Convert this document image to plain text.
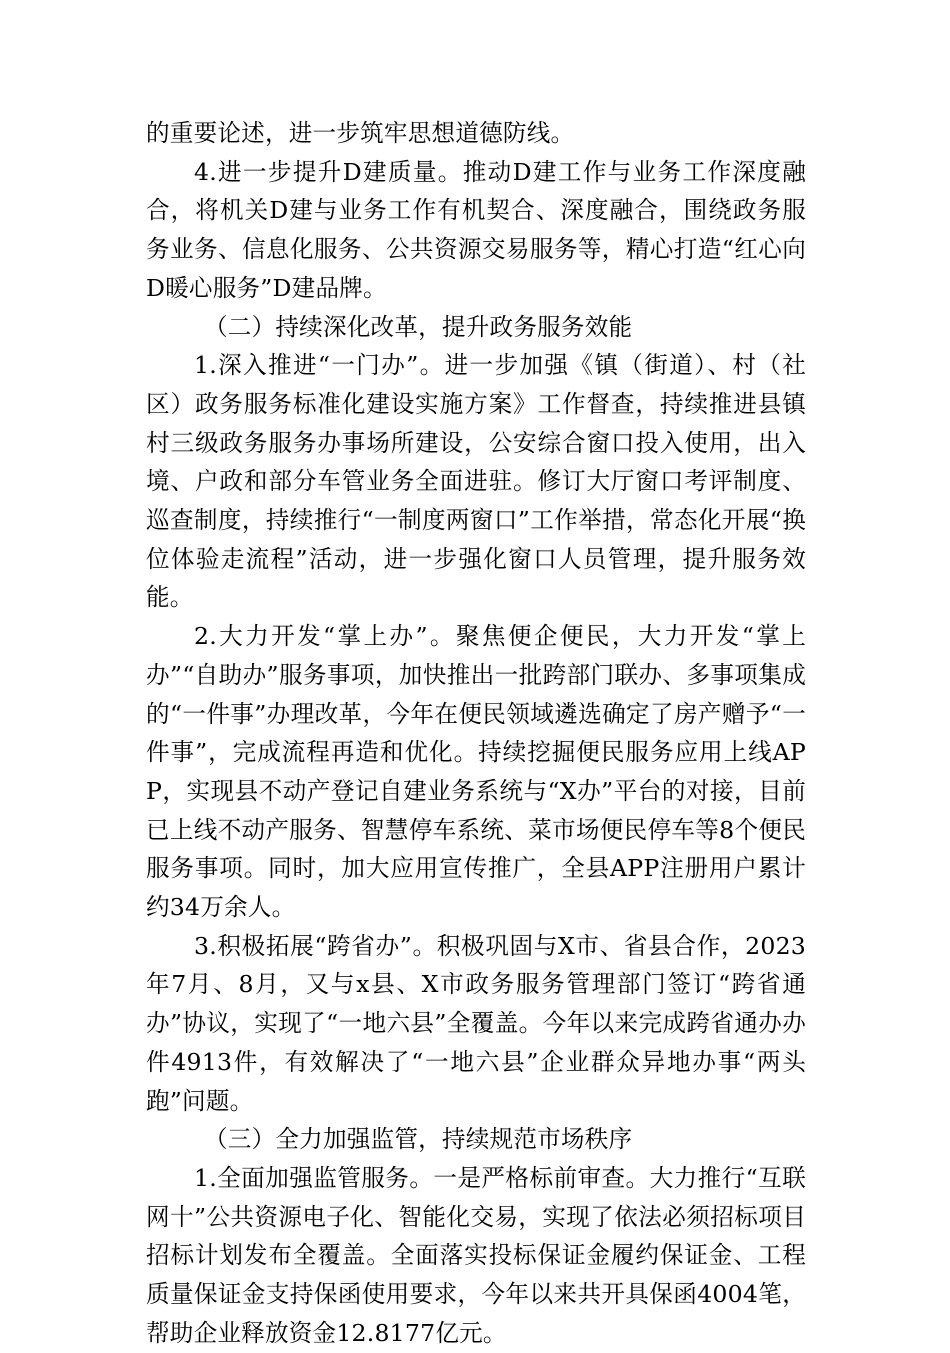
的重要论述，进一步筑牢思想道德防线。

4.进一步提升D建质量。推动D建工作与业务工作深度融合，将机关D建与业务工作有机契合、深度融合，围绕政务服务业务、信息化服务、公共资源交易服务等，精心打造“红心向D暖心服务”D建品牌。

（二）持续深化改革，提升政务服务效能

1.深入推进“一门办”。进一步加强《镇（街道）、村（社区）政务服务标准化建设实施方案》工作督查，持续推进县镇村三级政务服务办事场所建设，公安综合窗口投入使用，出入境、户政和部分车管业务全面进驻。修订大厅窗口考评制度、巡查制度，持续推行“一制度两窗口”工作举措，常态化开展“换位体验走流程”活动，进一步强化窗口人员管理，提升服务效能。

2.大力开发“掌上办”。聚焦便企便民，大力开发“掌上办”“自助办”服务事项，加快推出一批跨部门联办、多事项集成的“一件事”办理改革，今年在便民领域遴选确定了房产赠予“一件事”，完成流程再造和优化。持续挖掘便民服务应用上线APP，实现县不动产登记自建业务系统与“X办”平台的对接，目前已上线不动产服务、智慧停车系统、菜市场便民停车等8个便民服务事项。同时，加大应用宣传推广，全县APP注册用户累计约34万余人。

3.积极拓展“跨省办”。积极巩固与X市、省县合作，2023年7月、8月，又与x县、X市政务服务管理部门签订“跨省通办”协议，实现了“一地六县”全覆盖。今年以来完成跨省通办办件4913件，有效解决了“一地六县”企业群众异地办事“两头跑”问题。

（三）全力加强监管，持续规范市场秩序

1.全面加强监管服务。一是严格标前审查。大力推行“互联网十”公共资源电子化、智能化交易，实现了依法必须招标项目招标计划发布全覆盖。全面落实投标保证金履约保证金、工程质量保证金支持保函使用要求，今年以来共开具保函4004笔，帮助企业释放资金12.8177亿元。
